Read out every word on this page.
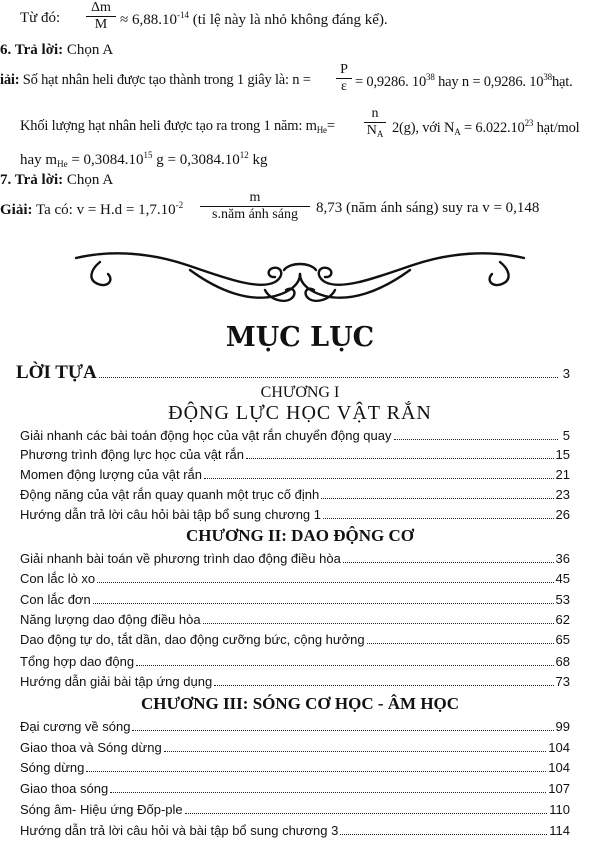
Từ đó: $\frac{\Delta m}{M} \approx 6,88.10^{-14}$ (tỉ lệ này là nhỏ không đáng kể).
6. Trả lời: Chọn A
iải: Số hạt nhân heli được tạo thành trong 1 giây là: $n = \frac{P}{\varepsilon} = 0,9286$. $10^{38}$ hay n = 0,9286. $10^{38}hạt$.
Khối lượng hạt nhân heli được tạo ra trong 1 năm: $m_{He}= \frac{n}{N_A} 2(g)$, với $N_A = 6.022.10^{23}$ hạt/mol
hay $m_{He} = 0,3084.10^{15}$ $g = 0,3084.10^{12}$ kg
7. Trả lời: Chọn A
Giải: Ta có: $v = H.d = 1,7.10^{-2}$	m
s.năm ánh sáng	8,73 (năm ánh sáng) suy ra v = 0,148
MỤC LỤC
LỜI TỰA	3
CHƯƠNG I
ĐỘNG LỰC HỌC VẬT RẮN
Giải nhanh các bài toán động học của vật rắn chuyển động quay	5
Phương trình động lực học của vật rắn	15
Momen động lượng của vật rắn	21
Động năng của vật rắn quay quanh một trục cố định	23
Hướng dẫn trả lời câu hỏi bài tập bổ sung chương 1	26
CHƯƠNG II: DAO ĐỘNG CƠ
Giải nhanh bài toán về phương trình dao động điều hòa	36
Con lắc lò xo	45
Con lắc đơn	53
Năng lượng dao động điều hòa	62
Dao động tự do, tắt dần, dao động cưỡng bức, cộng hưởng	65
Tổng hợp dao động	68
Hướng dẫn giải bài tập ứng dụng	73
CHƯƠNG III: SÓNG CƠ HỌC - ÂM HỌC
Đại cương về sóng	99
Giao thoa và Sóng dừng	104
Sóng dừng	104
Giao thoa sóng	107
Sóng âm- Hiệu ứng Đốp-ple	110
Hướng dẫn trả lời câu hỏi và bài tập bổ sung chương 3	114
